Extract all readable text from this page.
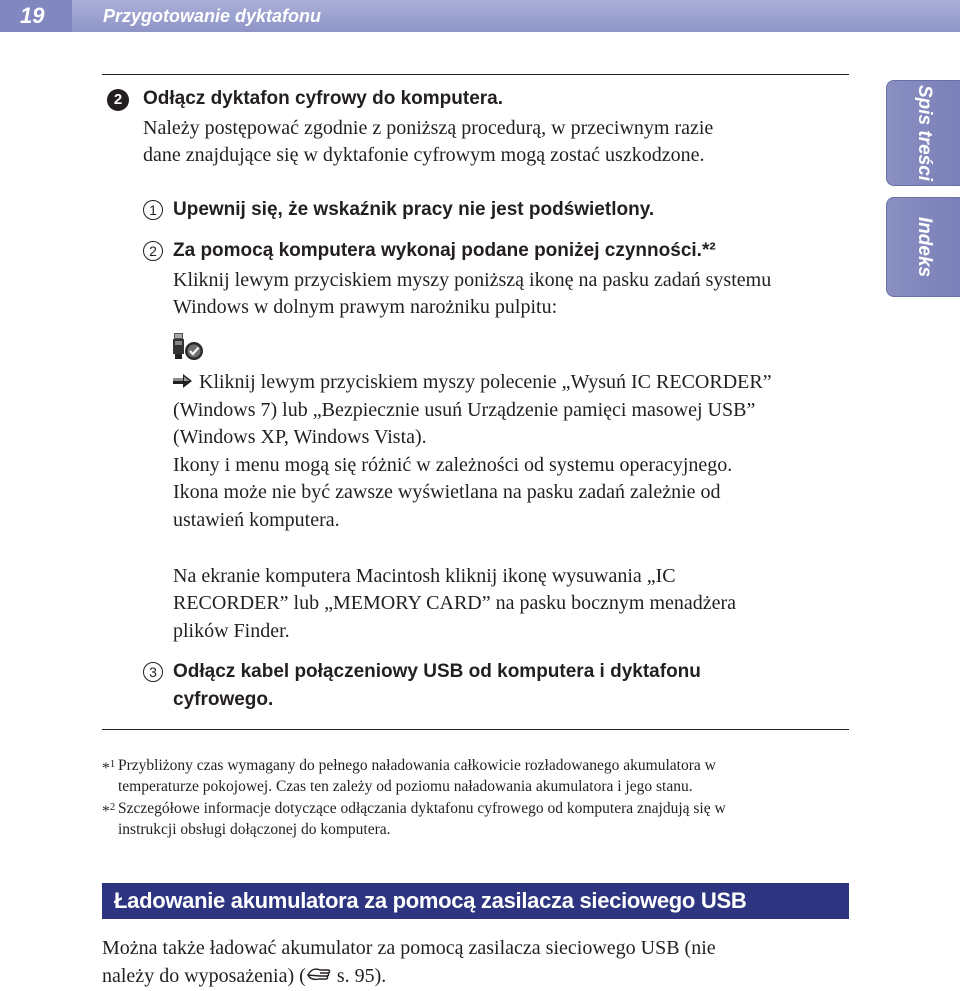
19	Przygotowanie dyktafonu
Spis treści
Indeks
2	Odłącz dyktafon cyfrowy do komputera.
Należy postępować zgodnie z poniższą procedurą, w przeciwnym razie
dane znajdujące się w dyktafonie cyfrowym mogą zostać uszkodzone.
1 Upewnij się, że wskaźnik pracy nie jest podświetlony.
2 Za pomocą komputera wykonaj podane poniżej czynności.*²
Kliknij lewym przyciskiem myszy poniższą ikonę na pasku zadań systemu
Windows w dolnym prawym narożniku pulpitu:
Kliknij lewym przyciskiem myszy polecenie „Wysuń IC RECORDER”
(Windows 7) lub „Bezpiecznie usuń Urządzenie pamięci masowej USB”
(Windows XP, Windows Vista).
Ikony i menu mogą się różnić w zależności od systemu operacyjnego.
Ikona może nie być zawsze wyświetlana na pasku zadań zależnie od
ustawień komputera.
Na ekranie komputera Macintosh kliknij ikonę wysuwania „IC
RECORDER” lub „MEMORY CARD” na pasku bocznym menadżera
plików Finder.
3 Odłącz kabel połączeniowy USB od komputera i dyktafonu
cyfrowego.
*$^1$ Przybliżony czas wymagany do pełnego naładowania całkowicie rozładowanego akumulatora w
temperaturze pokojowej. Czas ten zależy od poziomu naładowania akumulatora i jego stanu.
*$^2$ Szczegółowe informacje dotyczące odłączania dyktafonu cyfrowego od komputera znajdują się w
instrukcji obsługi dołączonej do komputera.
Ładowanie akumulatora za pomocą zasilacza sieciowego USB
Można także ładować akumulator za pomocą zasilacza sieciowego USB (nie
należy do wyposażenia) ( s. 95).
